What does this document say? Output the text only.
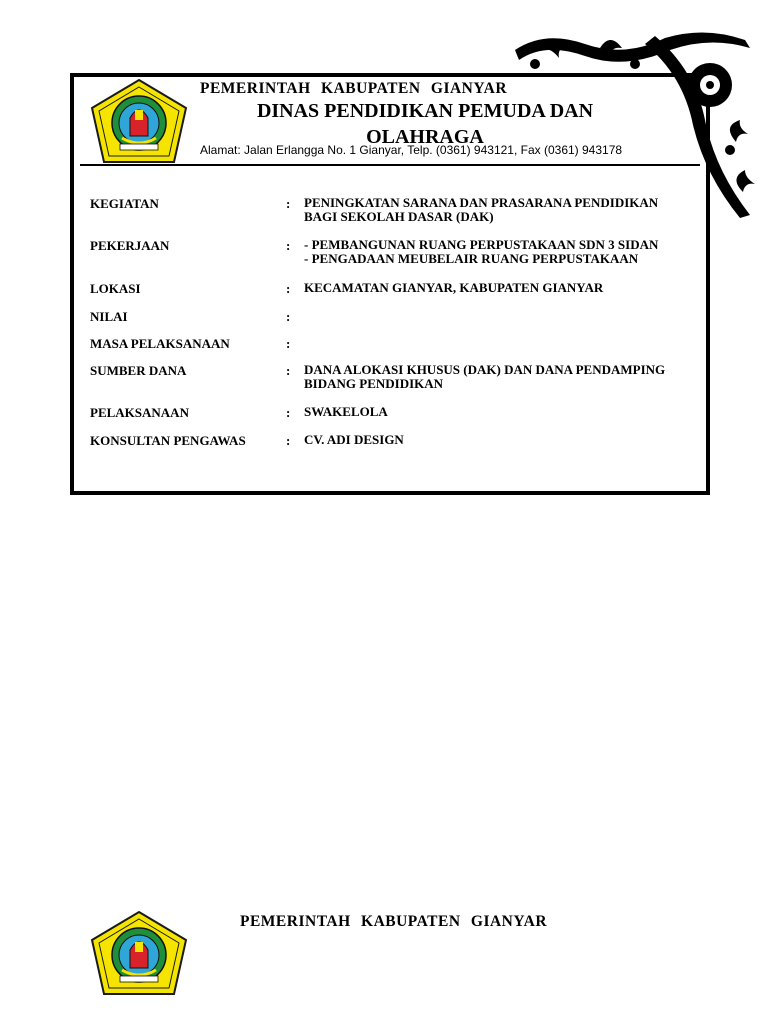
PEMERINTAH KABUPATEN GIANYAR
DINAS PENDIDIKAN PEMUDA DAN
OLAHRAGA
Alamat: Jalan Erlangga No. 1 Gianyar, Telp. (0361) 943121, Fax (0361) 943178
KEGIATAN	: PENINGKATAN SARANA DAN PRASARANA PENDIDIKAN
BAGI SEKOLAH DASAR (DAK)
PEKERJAAN	: - PEMBANGUNAN RUANG PERPUSTAKAAN SDN 3 SIDAN
- PENGADAAN MEUBELAIR RUANG PERPUSTAKAAN
LOKASI	: KECAMATAN GIANYAR, KABUPATEN GIANYAR
NILAI	:
MASA PELAKSANAAN	:
SUMBER DANA	: DANA ALOKASI KHUSUS (DAK) DAN DANA PENDAMPING
BIDANG PENDIDIKAN
PELAKSANAAN	: SWAKELOLA
KONSULTAN PENGAWAS	: CV. ADI DESIGN
PEMERINTAH KABUPATEN GIANYAR
